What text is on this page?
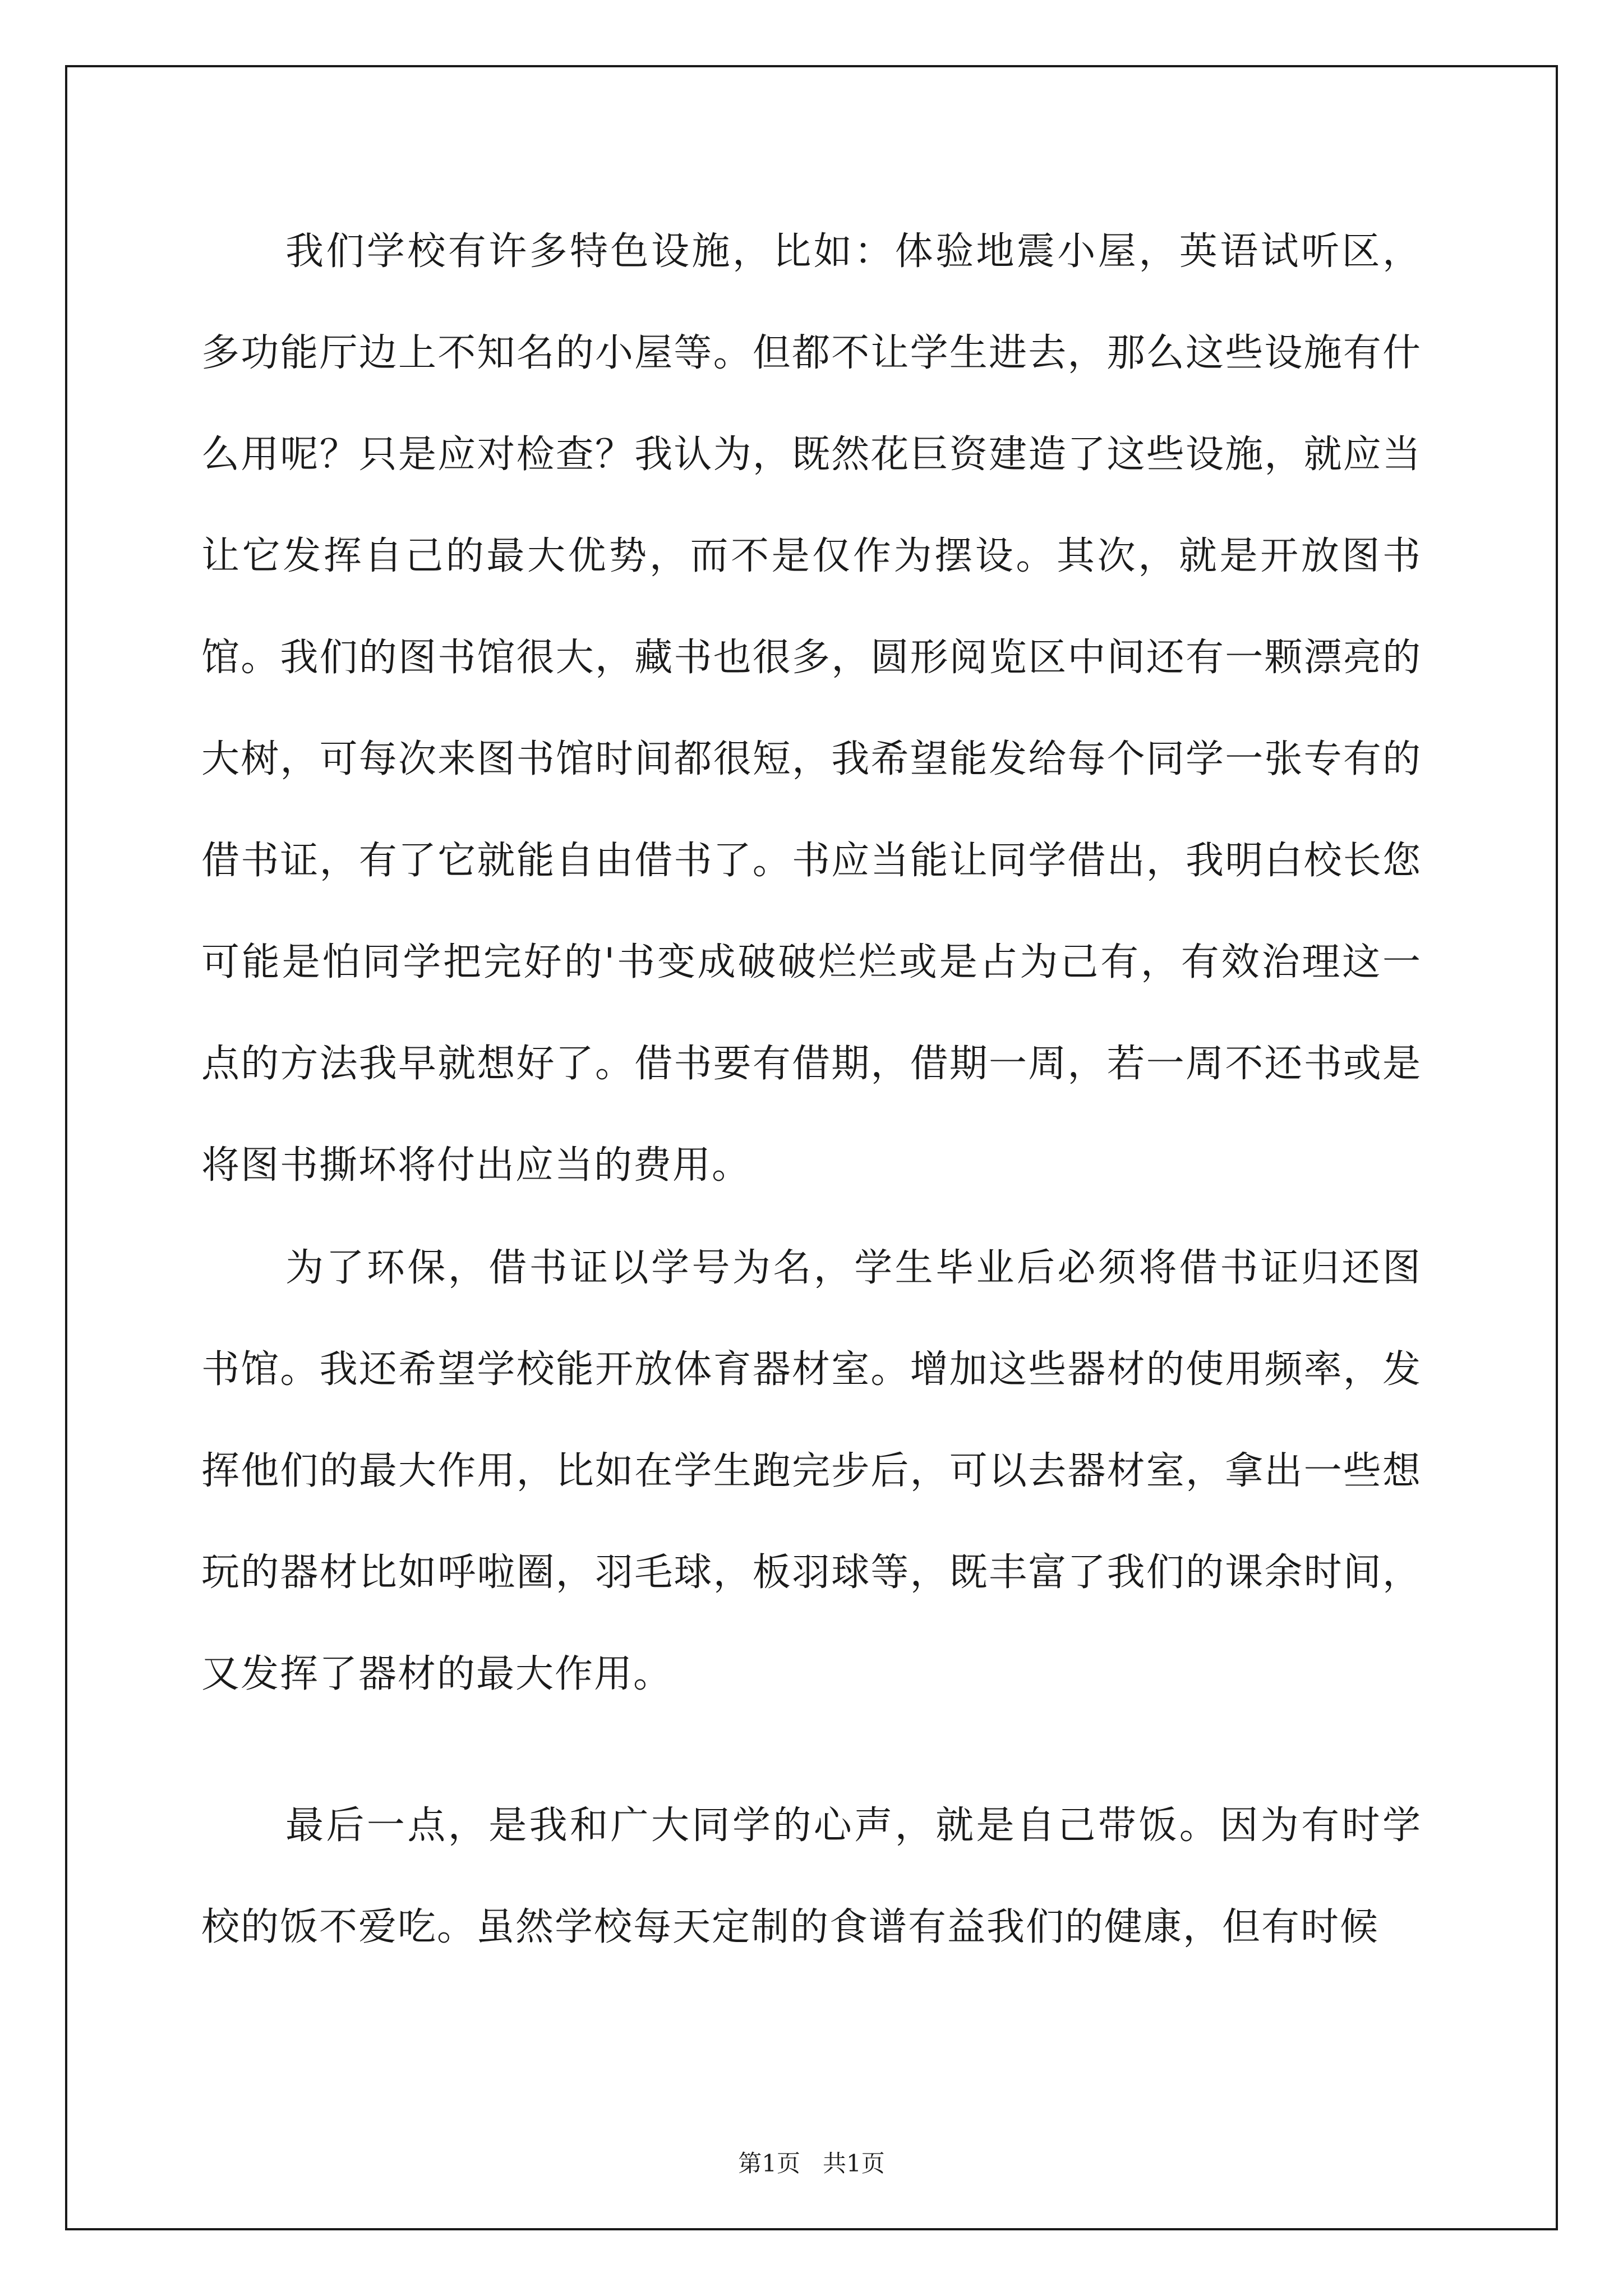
我们学校有许多特色设施，比如：体验地震小屋，英语试听区，多功能厅边上不知名的小屋等。但都不让学生进去，那么这些设施有什么用呢？只是应对检查？我认为，既然花巨资建造了这些设施，就应当让它发挥自己的最大优势，而不是仅作为摆设。其次，就是开放图书馆。我们的图书馆很大，藏书也很多，圆形阅览区中间还有一颗漂亮的大树，可每次来图书馆时间都很短，我希望能发给每个同学一张专有的借书证，有了它就能自由借书了。书应当能让同学借出，我明白校长您可能是怕同学把完好的'书变成破破烂烂或是占为己有，有效治理这一点的方法我早就想好了。借书要有借期，借期一周，若一周不还书或是将图书撕坏将付出应当的费用。

为了环保，借书证以学号为名，学生毕业后必须将借书证归还图书馆。我还希望学校能开放体育器材室。增加这些器材的使用频率，发挥他们的最大作用，比如在学生跑完步后，可以去器材室，拿出一些想玩的器材比如呼啦圈，羽毛球，板羽球等，既丰富了我们的课余时间，又发挥了器材的最大作用。

最后一点，是我和广大同学的心声，就是自己带饭。因为有时学校的饭不爱吃。虽然学校每天定制的食谱有益我们的健康，但有时候

第1页 共1页
